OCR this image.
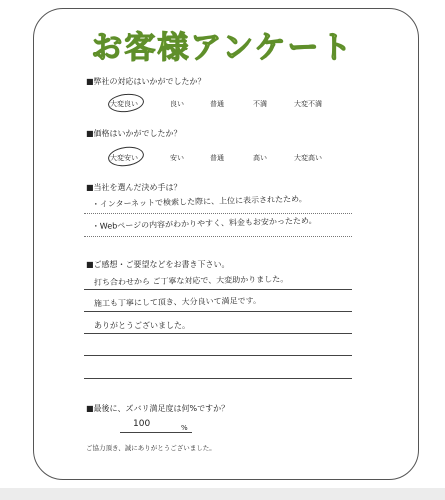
お客様アンケート
■弊社の対応はいかがでしたか？
大変良い	良い	普通	不満	大変不満
■価格はいかがでしたか？
大変安い	安い	普通	高い	大変高い
■当社を選んだ決め手は？
・インターネットで検索した際に、上位に表示されたため。
・Webページの内容がわかりやすく、料金もお安かったため。
■ご感想・ご要望などをお書き下さい。
打ち合わせから ご丁寧な対応で、大変助かりました。
施工も丁寧にして頂き、大分良いて満足です。
ありがとうございました。
■最後に、ズバリ満足度は何%ですか？
100	%
ご協力頂き、誠にありがとうございました。
